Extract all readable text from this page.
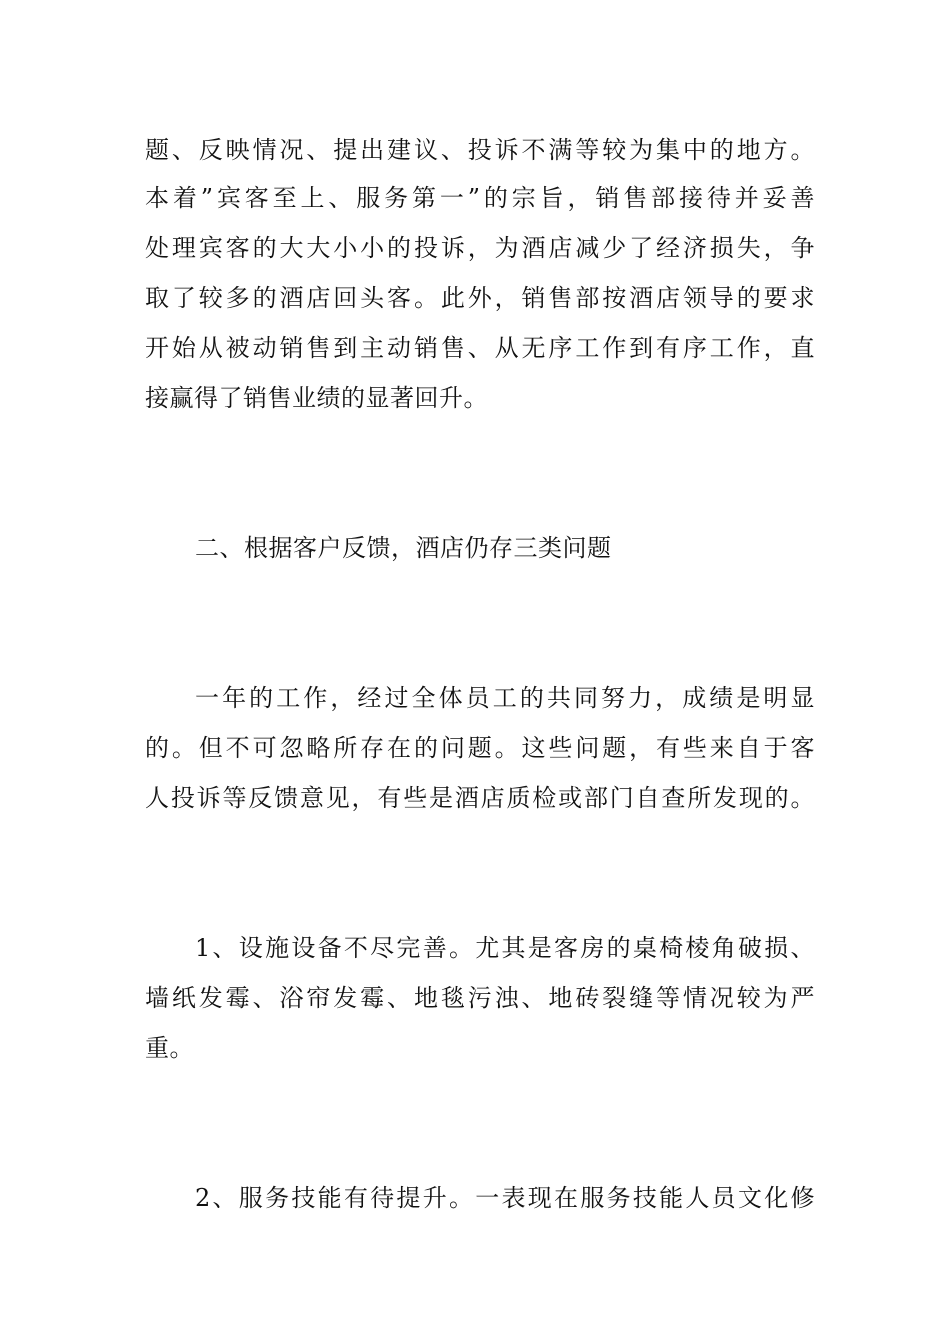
题、反映情况、提出建议、投诉不满等较为集中的地方。
本着”宾客至上、服务第一”的宗旨，销售部接待并妥善
处理宾客的大大小小的投诉，为酒店减少了经济损失，争
取了较多的酒店回头客。此外，销售部按酒店领导的要求
开始从被动销售到主动销售、从无序工作到有序工作，直
接赢得了销售业绩的显著回升。
二、根据客户反馈，酒店仍存三类问题
一年的工作，经过全体员工的共同努力，成绩是明显
的。但不可忽略所存在的问题。这些问题，有些来自于客
人投诉等反馈意见，有些是酒店质检或部门自查所发现的。
1、设施设备不尽完善。尤其是客房的桌椅棱角破损、
墙纸发霉、浴帘发霉、地毯污浊、地砖裂缝等情况较为严
重。
2、服务技能有待提升。一表现在服务技能人员文化修
